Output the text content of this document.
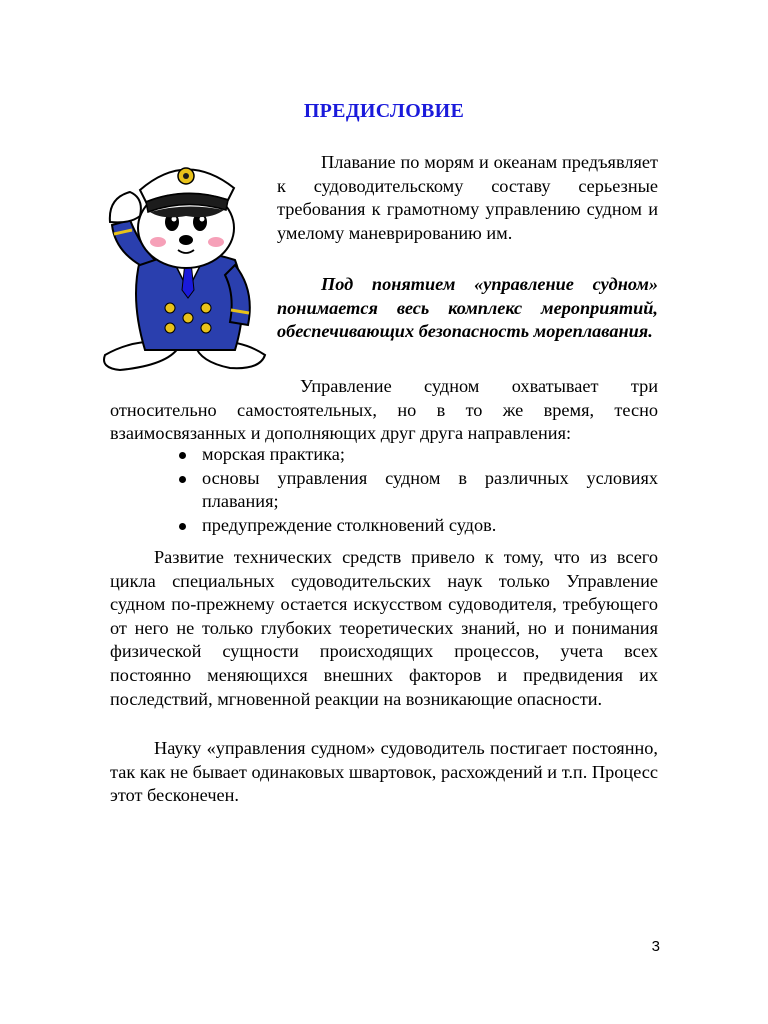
ПРЕДИСЛОВИЕ

Плавание по морям и океанам предъявляет к судоводительскому составу серьезные требования к грамотному управлению судном и умелому маневрированию им.

Под понятием «управление судном» понимается весь комплекс мероприятий, обеспечивающих безопасность мореплавания.

Управление судном охватывает три относительно самостоятельных, но в то же время, тесно взаимосвязанных и дополняющих друг друга направления:

морская практика;
основы управления судном в различных условиях плавания;
предупреждение столкновений судов.

Развитие технических средств привело к тому, что из всего цикла специальных судоводительских наук только Управление судном по-прежнему остается искусством судоводителя, требующего от него не только глубоких теоретических знаний, но и понимания физической сущности происходящих процессов, учета всех постоянно меняющихся внешних факторов и предвидения их последствий, мгновенной реакции на возникающие опасности.

Науку «управления судном» судоводитель постигает постоянно, так как не бывает одинаковых швартовок, расхождений и т.п. Процесс этот бесконечен.

3
